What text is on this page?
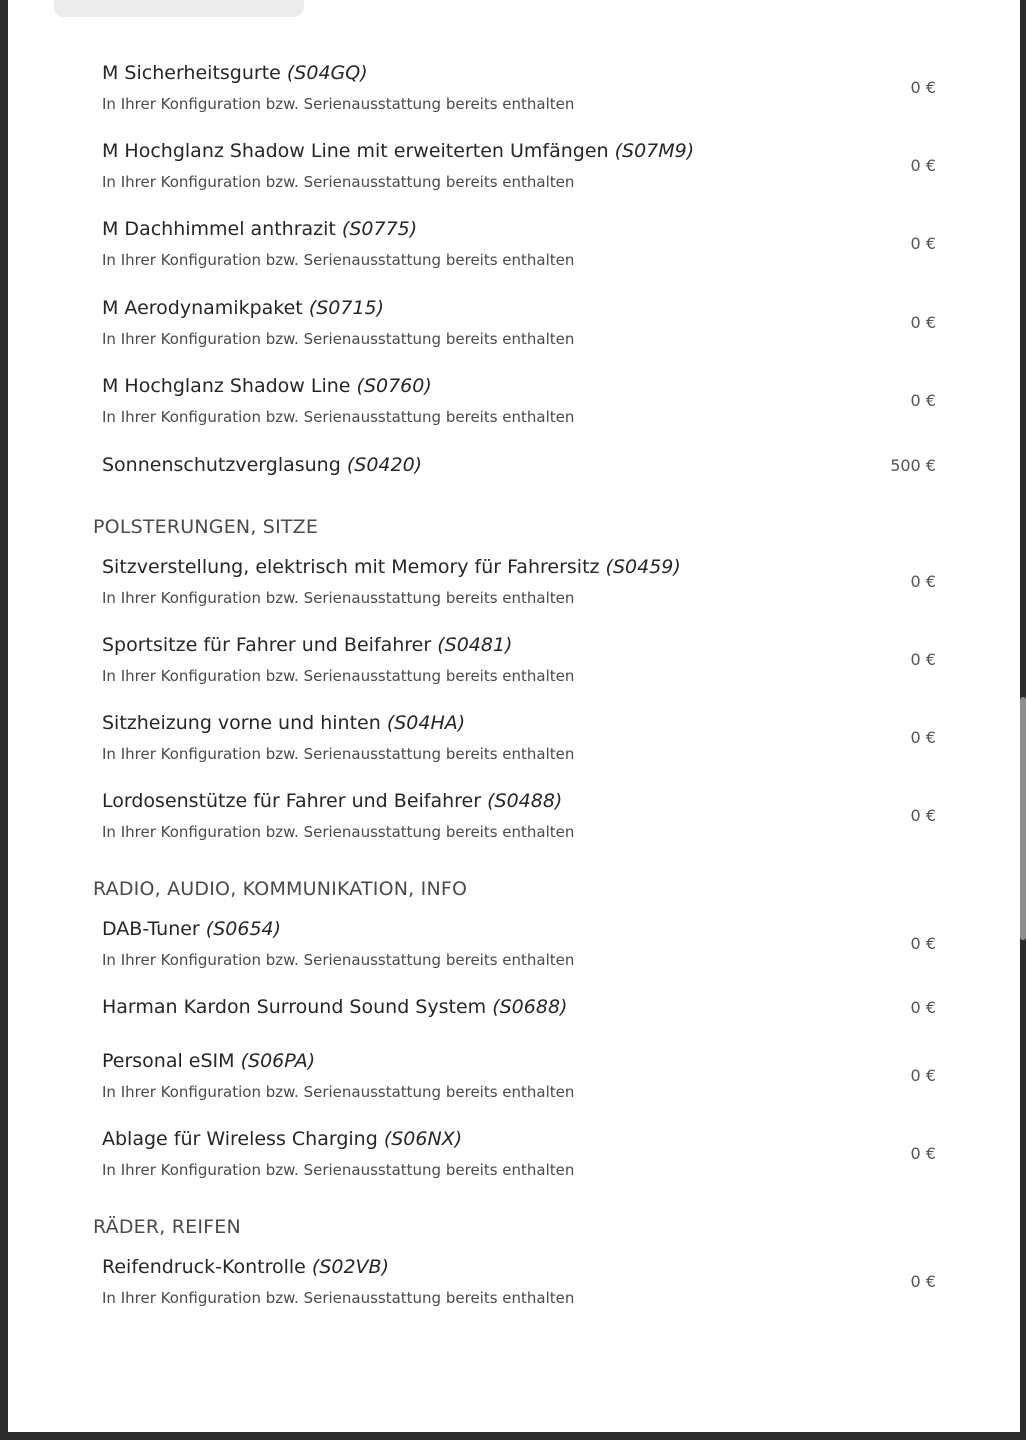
M Sicherheitsgurte (S04GQ)
In Ihrer Konfiguration bzw. Serienausstattung bereits enthalten
0 €
M Hochglanz Shadow Line mit erweiterten Umfängen (S07M9)
In Ihrer Konfiguration bzw. Serienausstattung bereits enthalten
0 €
M Dachhimmel anthrazit (S0775)
In Ihrer Konfiguration bzw. Serienausstattung bereits enthalten
0 €
M Aerodynamikpaket (S0715)
In Ihrer Konfiguration bzw. Serienausstattung bereits enthalten
0 €
M Hochglanz Shadow Line (S0760)
In Ihrer Konfiguration bzw. Serienausstattung bereits enthalten
0 €
Sonnenschutzverglasung (S0420)	500 €
POLSTERUNGEN, SITZE
Sitzverstellung, elektrisch mit Memory für Fahrersitz (S0459)
In Ihrer Konfiguration bzw. Serienausstattung bereits enthalten
0 €
Sportsitze für Fahrer und Beifahrer (S0481)
In Ihrer Konfiguration bzw. Serienausstattung bereits enthalten
0 €
Sitzheizung vorne und hinten (S04HA)
In Ihrer Konfiguration bzw. Serienausstattung bereits enthalten
0 €
Lordosenstütze für Fahrer und Beifahrer (S0488)
In Ihrer Konfiguration bzw. Serienausstattung bereits enthalten
0 €
RADIO, AUDIO, KOMMUNIKATION, INFO
DAB-Tuner (S0654)
In Ihrer Konfiguration bzw. Serienausstattung bereits enthalten
0 €
Harman Kardon Surround Sound System (S0688)	0 €
Personal eSIM (S06PA)
In Ihrer Konfiguration bzw. Serienausstattung bereits enthalten
0 €
Ablage für Wireless Charging (S06NX)
In Ihrer Konfiguration bzw. Serienausstattung bereits enthalten
0 €
RÄDER, REIFEN
Reifendruck-Kontrolle (S02VB)
In Ihrer Konfiguration bzw. Serienausstattung bereits enthalten
0 €
